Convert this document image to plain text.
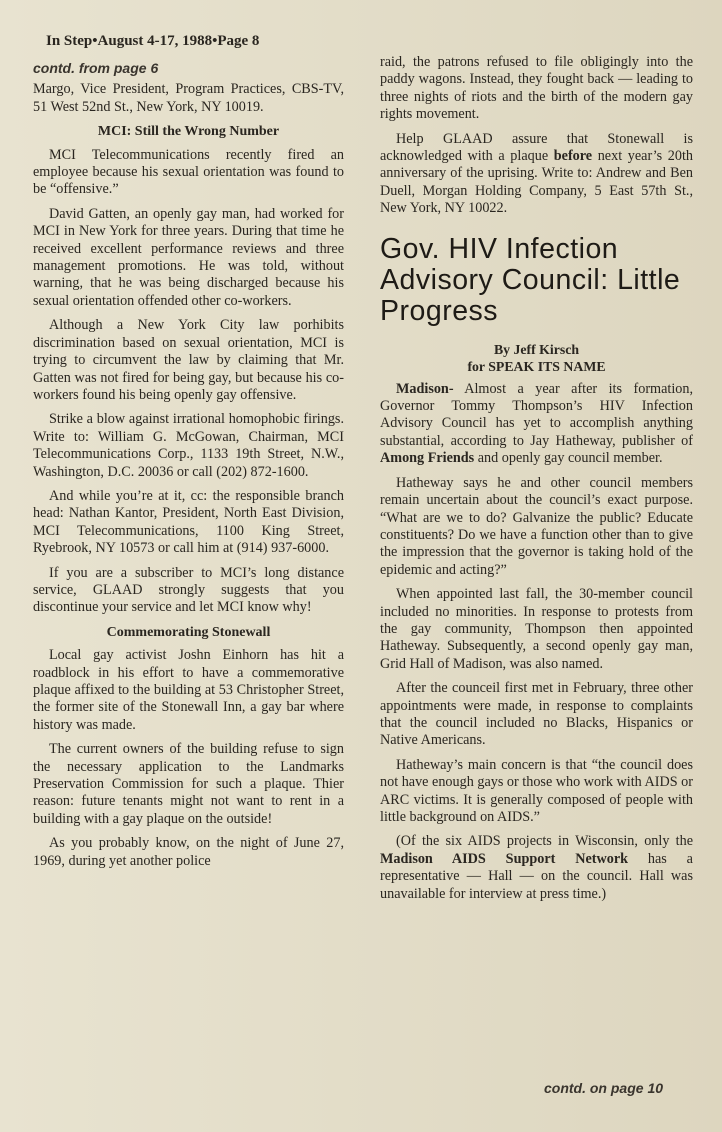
In Step•August 4-17, 1988•Page 8
contd. from page 6

Margo, Vice President, Program Practices, CBS-TV, 51 West 52nd St., New York, NY 10019.

MCI: Still the Wrong Number

MCI Telecommunications recently fired an employee because his sexual orientation was found to be “offensive.”

David Gatten, an openly gay man, had worked for MCI in New York for three years. During that time he received excellent performance reviews and three management promotions. He was told, without warning, that he was being discharged because his sexual orientation offended other co-workers.

Although a New York City law porhibits discrimination based on sexual orientation, MCI is trying to circumvent the law by claiming that Mr. Gatten was not fired for being gay, but because his co-workers found his being openly gay offensive.

Strike a blow against irrational homophobic firings. Write to: William G. McGowan, Chairman, MCI Telecommunications Corp., 1133 19th Street, N.W., Washington, D.C. 20036 or call (202) 872-1600.

And while you’re at it, cc: the responsible branch head: Nathan Kantor, President, North East Division, MCI Telecommunications, 1100 King Street, Ryebrook, NY 10573 or call him at (914) 937-6000.

If you are a subscriber to MCI’s long distance service, GLAAD strongly suggests that you discontinue your service and let MCI know why!

Commemorating Stonewall

Local gay activist Joshn Einhorn has hit a roadblock in his effort to have a commemorative plaque affixed to the building at 53 Christopher Street, the former site of the Stonewall Inn, a gay bar where history was made.

The current owners of the building refuse to sign the necessary application to the Landmarks Preservation Commission for such a plaque. Thier reason: future tenants might not want to rent in a building with a gay plaque on the outside!

As you probably know, on the night of June 27, 1969, during yet another police

raid, the patrons refused to file obligingly into the paddy wagons. Instead, they fought back — leading to three nights of riots and the birth of the modern gay rights movement.

Help GLAAD assure that Stonewall is acknowledged with a plaque before next year’s 20th anniversary of the uprising. Write to: Andrew and Ben Duell, Morgan Holding Company, 5 East 57th St., New York, NY 10022.

Gov. HIV Infection Advisory Council: Little Progress
By Jeff Kirsch
for SPEAK ITS NAME

Madison- Almost a year after its formation, Governor Tommy Thompson’s HIV Infection Advisory Council has yet to accomplish anything substantial, according to Jay Hatheway, publisher of Among Friends and openly gay council member.

Hatheway says he and other council members remain uncertain about the council’s exact purpose. “What are we to do? Galvanize the public? Educate constituents? Do we have a function other than to give the impression that the governor is taking hold of the epidemic and acting?”

When appointed last fall, the 30-member council included no minorities. In response to protests from the gay community, Thompson then appointed Hatheway. Subsequently, a second openly gay man, Grid Hall of Madison, was also named.

After the counceil first met in February, three other appointments were made, in response to complaints that the council included no Blacks, Hispanics or Native Americans.

Hatheway’s main concern is that “the council does not have enough gays or those who work with AIDS or ARC victims. It is generally composed of people with little background on AIDS.”

(Of the six AIDS projects in Wisconsin, only the Madison AIDS Support Network has a representative — Hall — on the council. Hall was unavailable for interview at press time.)

contd. on page 10
